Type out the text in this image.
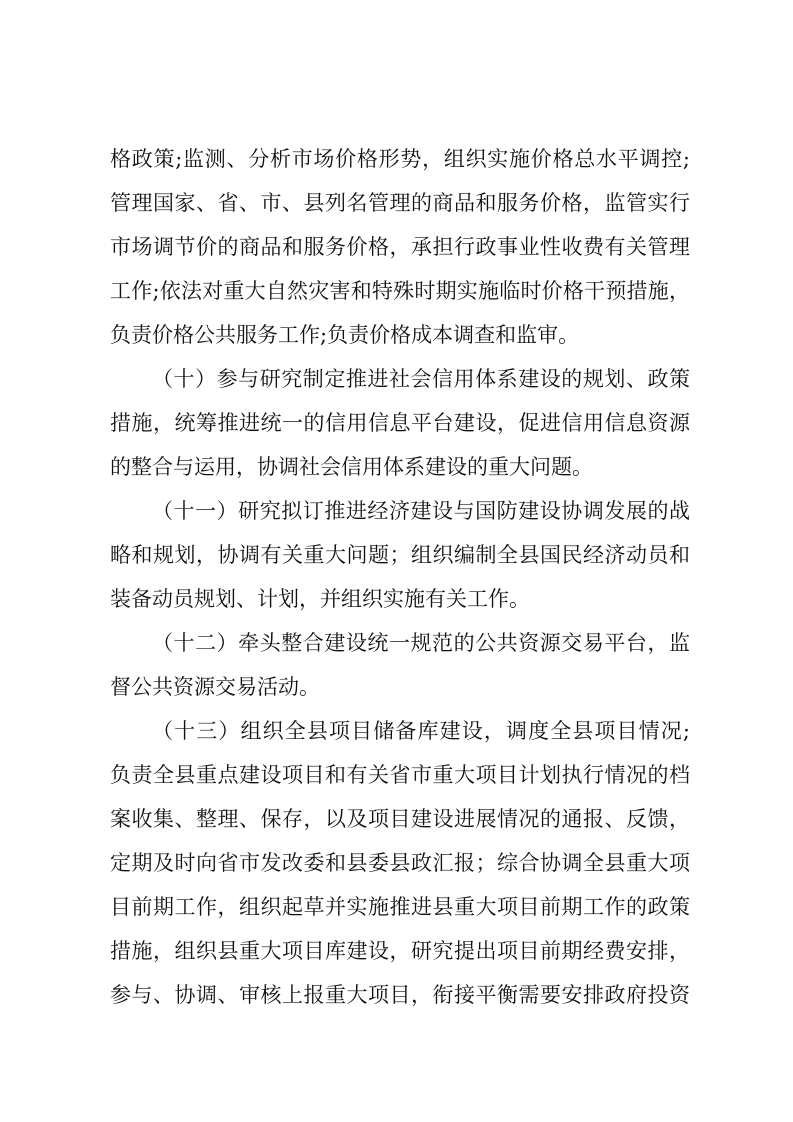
格政策;监测、分析市场价格形势，组织实施价格总水平调控;
管理国家、省、市、县列名管理的商品和服务价格，监管实行
市场调节价的商品和服务价格，承担行政事业性收费有关管理
工作;依法对重大自然灾害和特殊时期实施临时价格干预措施，
负责价格公共服务工作;负责价格成本调查和监审。
（十）参与研究制定推进社会信用体系建设的规划、政策
措施，统筹推进统一的信用信息平台建设，促进信用信息资源
的整合与运用，协调社会信用体系建设的重大问题。
（十一）研究拟订推进经济建设与国防建设协调发展的战
略和规划，协调有关重大问题；组织编制全县国民经济动员和
装备动员规划、计划，并组织实施有关工作。
（十二）牵头整合建设统一规范的公共资源交易平台，监
督公共资源交易活动。
（十三）组织全县项目储备库建设，调度全县项目情况;
负责全县重点建设项目和有关省市重大项目计划执行情况的档
案收集、整理、保存，以及项目建设进展情况的通报、反馈，
定期及时向省市发改委和县委县政汇报；综合协调全县重大项
目前期工作，组织起草并实施推进县重大项目前期工作的政策
措施，组织县重大项目库建设，研究提出项目前期经费安排，
参与、协调、审核上报重大项目，衔接平衡需要安排政府投资
